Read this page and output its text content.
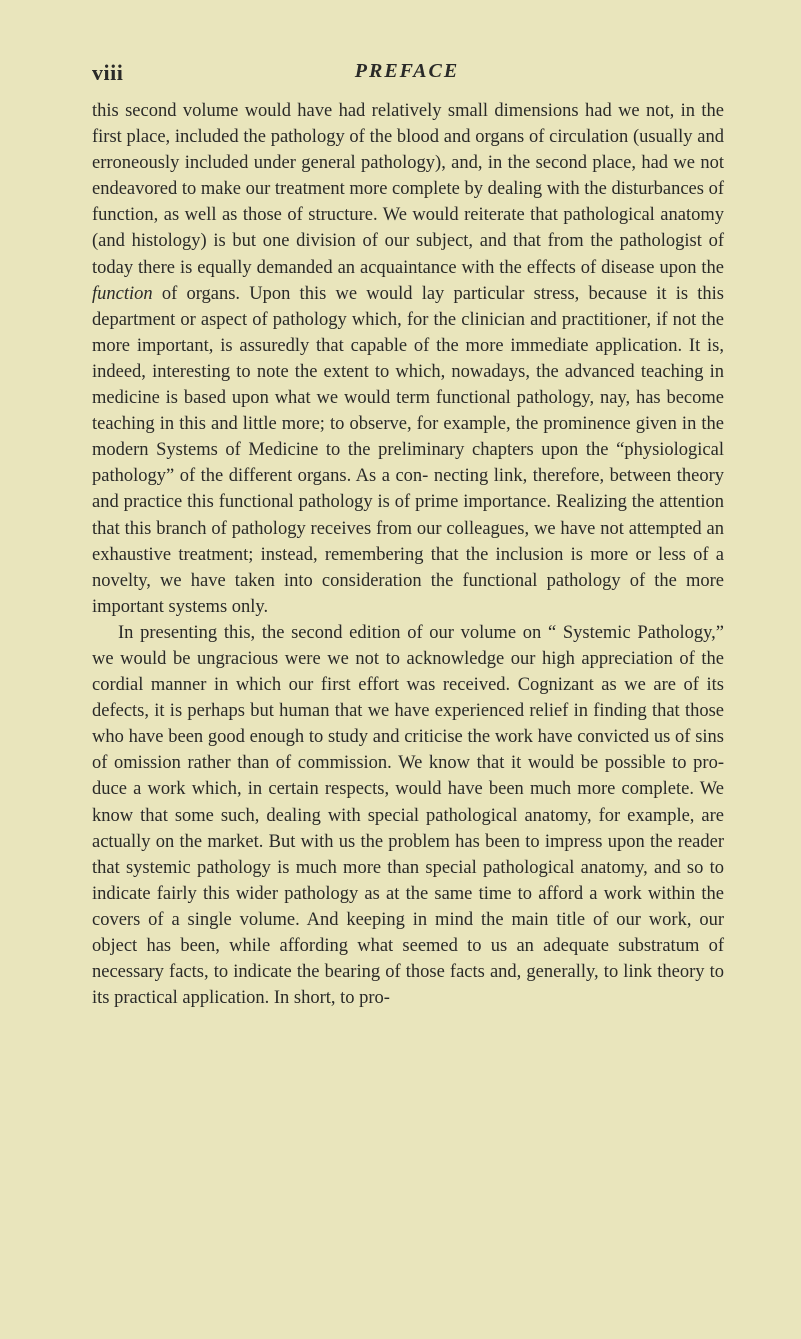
viii	PREFACE

this second volume would have had relatively small dimensions had we not, in the first place, included the pathology of the blood and organs of circulation (usually and erroneously included under general pathology), and, in the second place, had we not endeavored to make our treatment more complete by dealing with the disturbances of function, as well as those of structure. We would reiterate that pathological anatomy (and histology) is but one division of our subject, and that from the pathologist of today there is equally demanded an acquaintance with the effects of disease upon the function of organs. Upon this we would lay particular stress, because it is this department or aspect of pathology which, for the clinician and practitioner, if not the more important, is assuredly that capable of the more immediate application. It is, indeed, interesting to note the extent to which, nowadays, the advanced teaching in medicine is based upon what we would term functional pathology, nay, has become teaching in this and little more; to observe, for example, the prominence given in the modern Systems of Medicine to the preliminary chapters upon the “physiological pathology” of the different organs. As a con- necting link, therefore, between theory and practice this functional pathology is of prime importance. Realizing the attention that this branch of pathology receives from our colleagues, we have not attempted an exhaustive treatment; instead, remembering that the inclusion is more or less of a novelty, we have taken into consideration the functional pathology of the more important systems only.

In presenting this, the second edition of our volume on “ Systemic Pathology,” we would be ungracious were we not to acknowledge our high appreciation of the cordial manner in which our first effort was received. Cognizant as we are of its defects, it is perhaps but human that we have experienced relief in finding that those who have been good enough to study and criticise the work have convicted us of sins of omission rather than of commission. We know that it would be possible to pro- duce a work which, in certain respects, would have been much more complete. We know that some such, dealing with special pathological anatomy, for example, are actually on the market. But with us the problem has been to impress upon the reader that systemic pathology is much more than special pathological anatomy, and so to indicate fairly this wider pathology as at the same time to afford a work within the covers of a single volume. And keeping in mind the main title of our work, our object has been, while affording what seemed to us an adequate substratum of necessary facts, to indicate the bearing of those facts and, generally, to link theory to its practical application. In short, to pro-
